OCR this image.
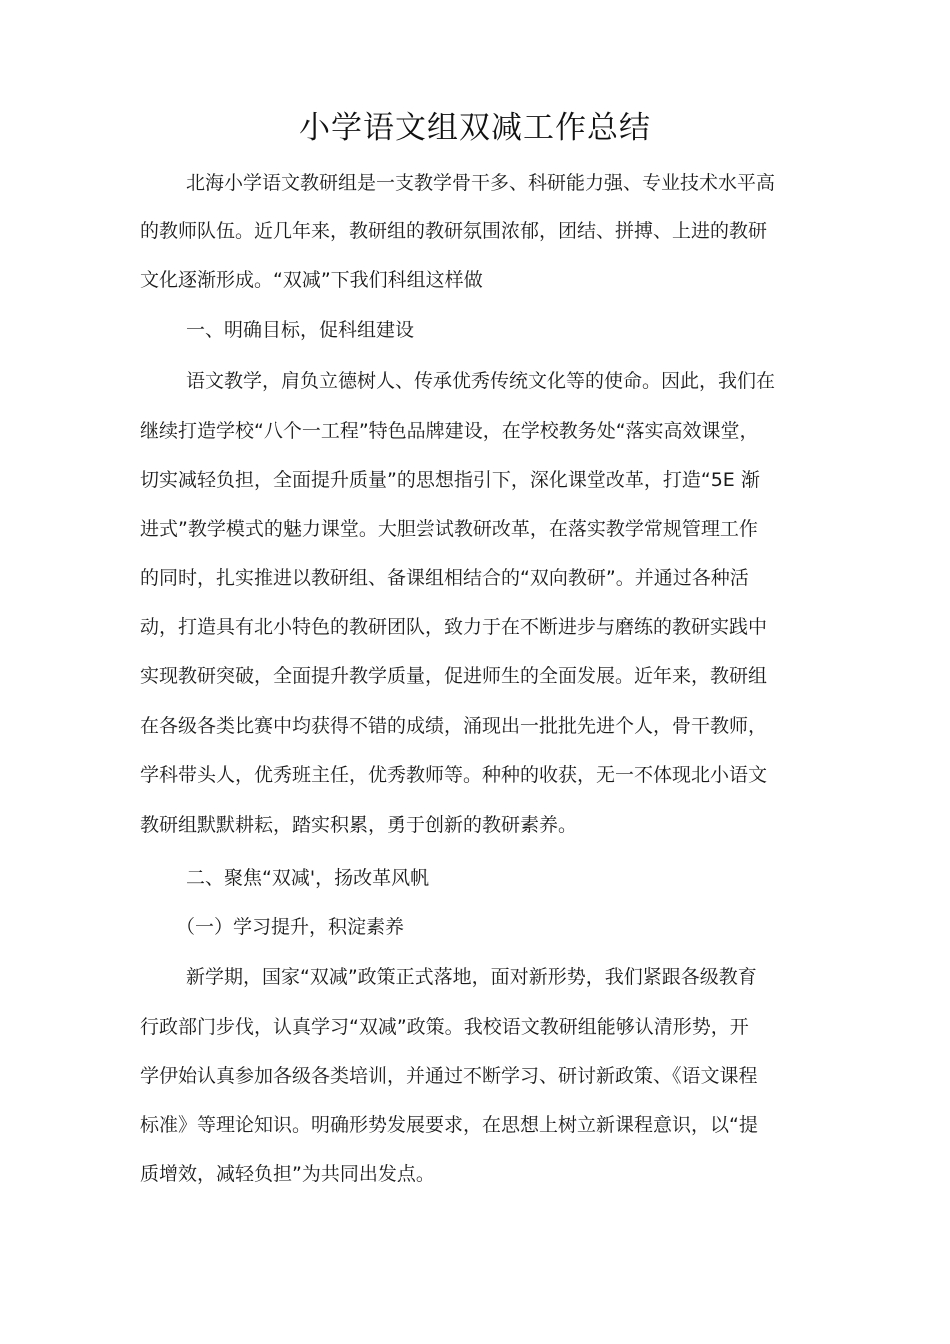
小学语文组双减工作总结
北海小学语文教研组是一支教学骨干多、科研能力强、专业技术水平高
的教师队伍。近几年来，教研组的教研氛围浓郁，团结、拼搏、上进的教研
文化逐渐形成。“双减”下我们科组这样做
一、明确目标，促科组建设
语文教学，肩负立德树人、传承优秀传统文化等的使命。因此，我们在
继续打造学校“八个一工程”特色品牌建设，在学校教务处“落实高效课堂，
切实减轻负担，全面提升质量”的思想指引下，深化课堂改革，打造“5E 渐
进式”教学模式的魅力课堂。大胆尝试教研改革，在落实教学常规管理工作
的同时，扎实推进以教研组、备课组相结合的“双向教研”。并通过各种活
动，打造具有北小特色的教研团队，致力于在不断进步与磨练的教研实践中
实现教研突破，全面提升教学质量，促进师生的全面发展。近年来，教研组
在各级各类比赛中均获得不错的成绩，涌现出一批批先进个人，骨干教师，
学科带头人，优秀班主任，优秀教师等。种种的收获，无一不体现北小语文
教研组默默耕耘，踏实积累，勇于创新的教研素养。
二、聚焦“双减'，扬改革风帆
（一）学习提升，积淀素养
新学期，国家“双减”政策正式落地，面对新形势，我们紧跟各级教育
行政部门步伐，认真学习“双减”政策。我校语文教研组能够认清形势，开
学伊始认真参加各级各类培训，并通过不断学习、研讨新政策、《语文课程
标准》等理论知识。明确形势发展要求，在思想上树立新课程意识，以“提
质增效，减轻负担”为共同出发点。
